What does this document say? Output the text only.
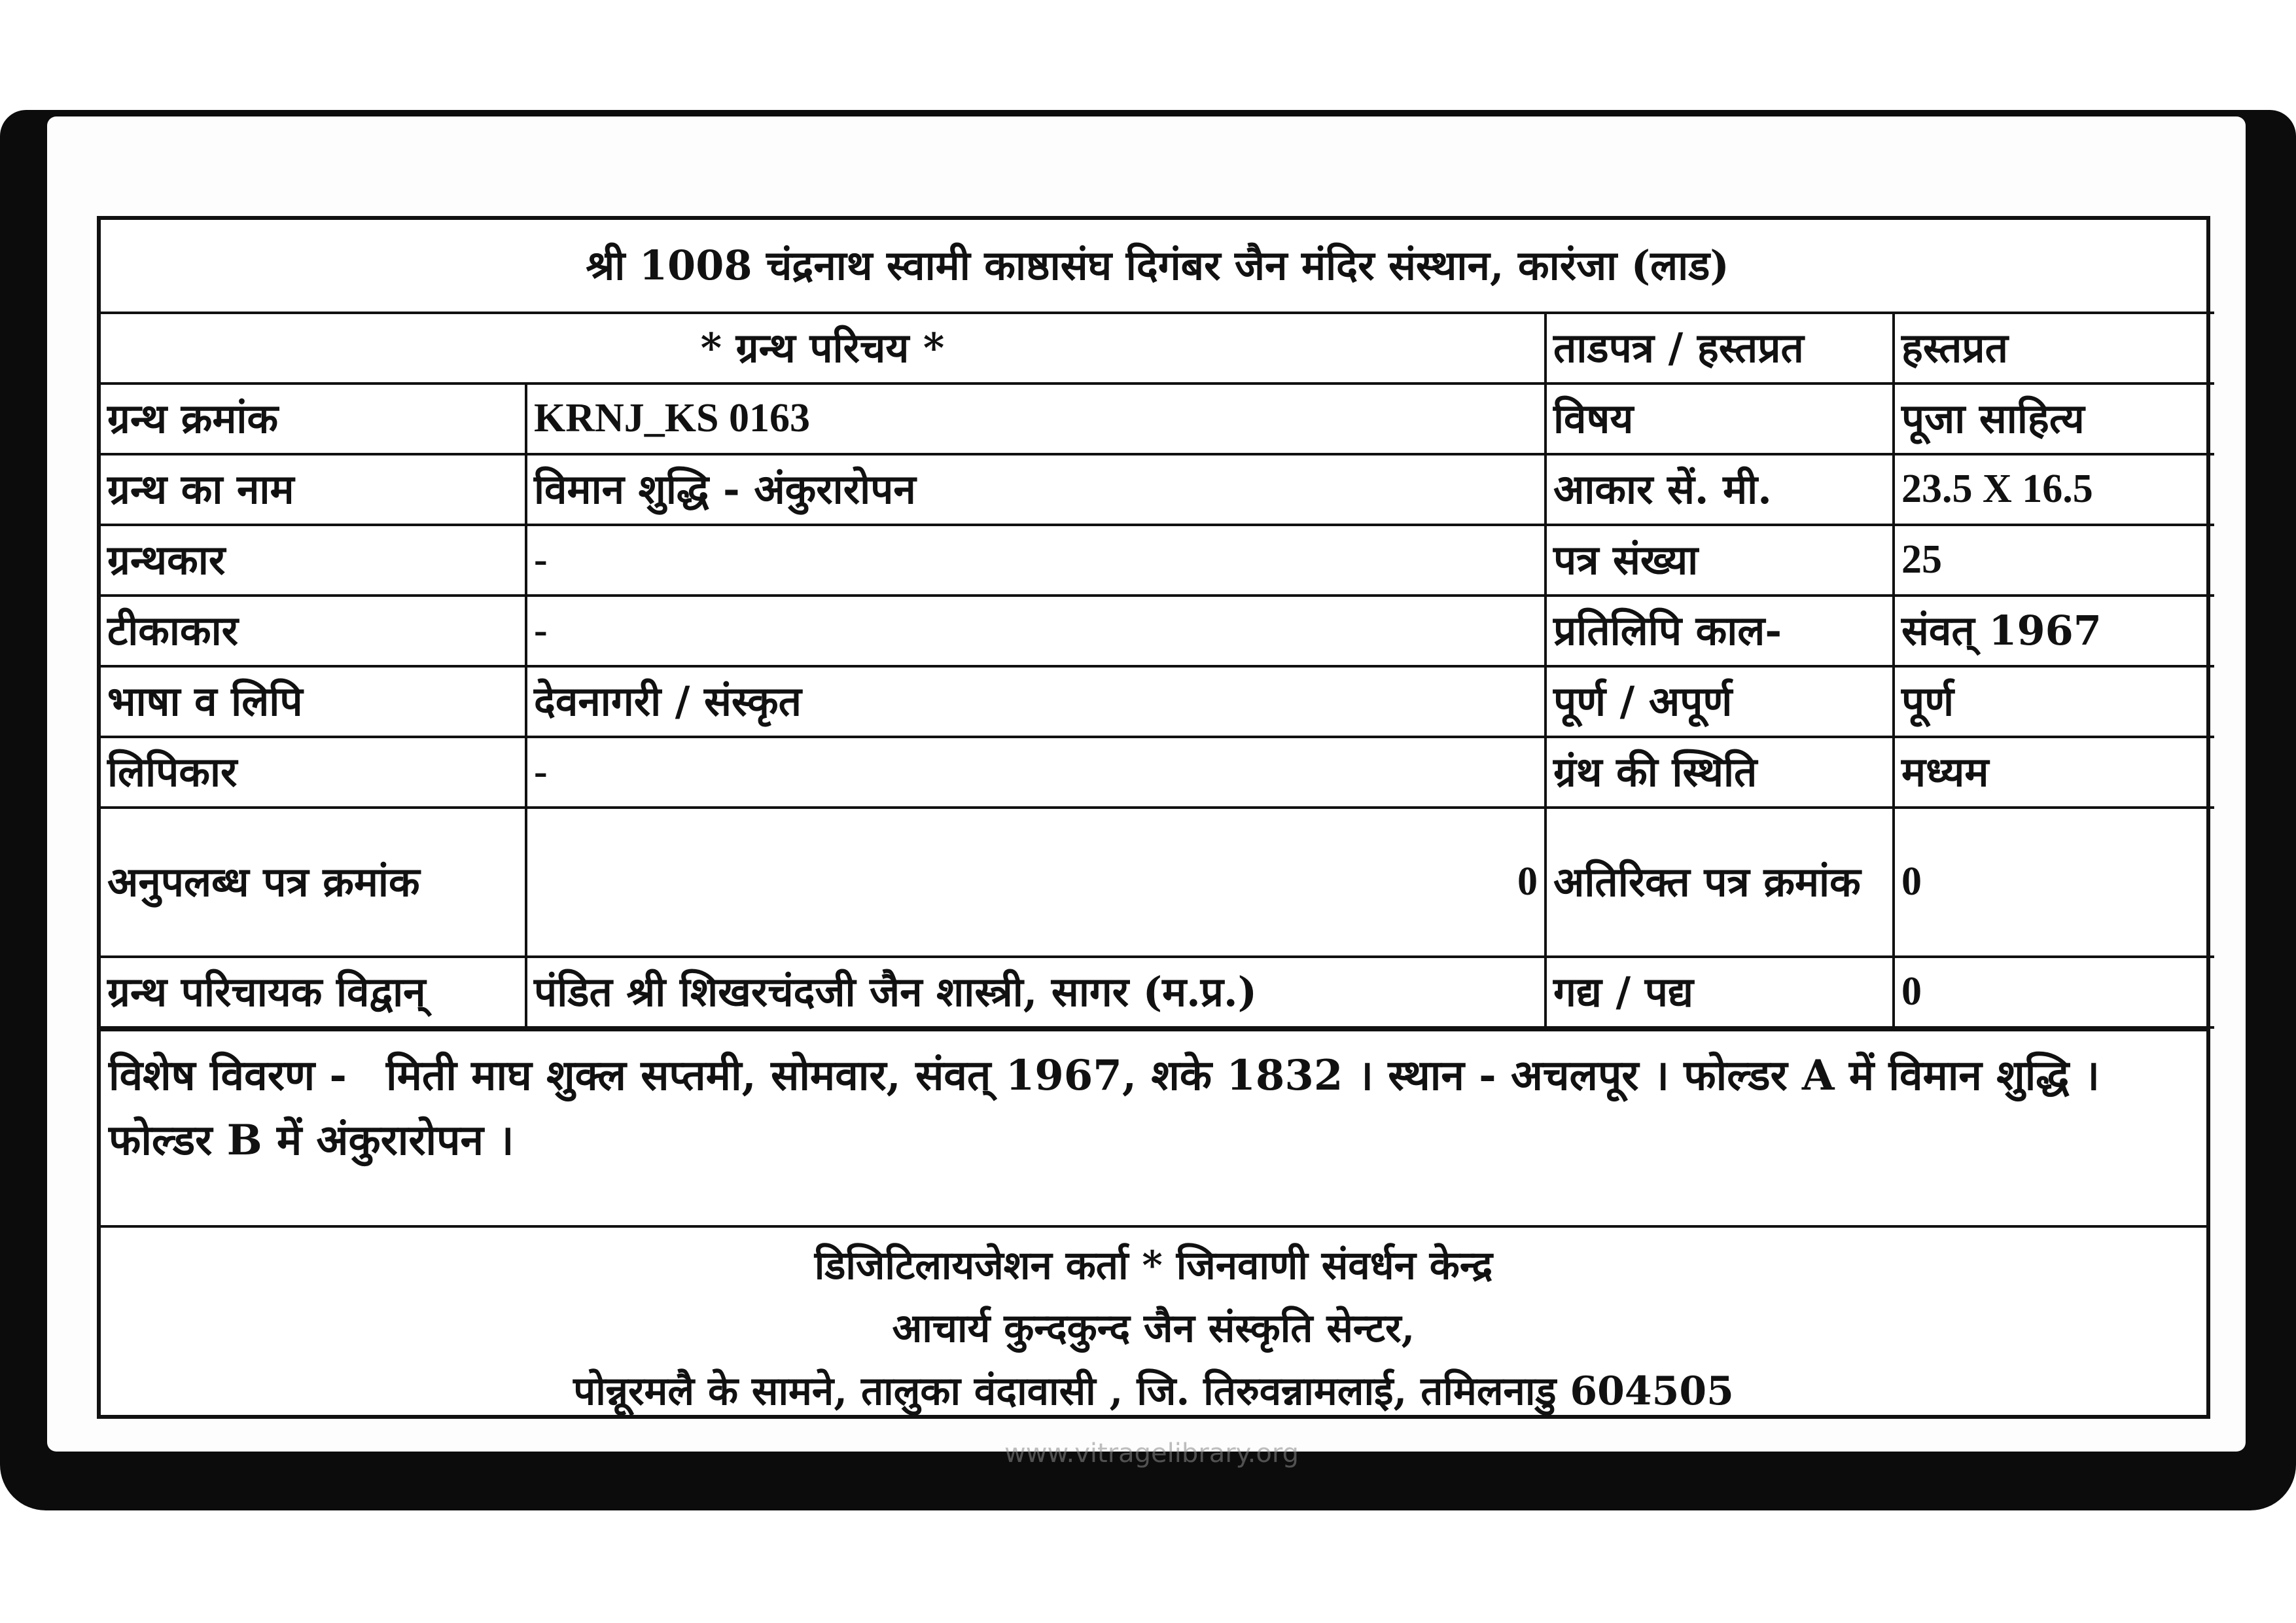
www.vitragelibrary.org
श्री 1008 चंद्रनाथ स्वामी काष्ठासंघ दिगंबर जैन मंदिर संस्थान, कारंजा (लाड)			
* ग्रन्थ परिचय *		ताडपत्र / हस्तप्रत	हस्तप्रत
ग्रन्थ क्रमांक	KRNJ_KS 0163	विषय	पूजा साहित्य
ग्रन्थ का नाम	विमान शुद्धि - अंकुरारोपन	आकार सें. मी.	23.5 X 16.5
ग्रन्थकार	-	पत्र संख्या	25
टीकाकार	-	प्रतिलिपि काल-	संवत् 1967
भाषा व लिपि	देवनागरी / संस्कृत	पूर्ण / अपूर्ण	पूर्ण
लिपिकार	-	ग्रंथ की स्थिति	मध्यम
अनुपलब्ध पत्र क्रमांक	0	अतिरिक्त पत्र क्रमांक	0
ग्रन्थ परिचायक विद्वान्	पंडित श्री शिखरचंदजी जैन शास्त्री, सागर (म.प्र.)	गद्य / पद्य	0
विशेष विवरण - मिती माघ शुक्ल सप्तमी, सोमवार, संवत् 1967, शके 1832 । स्थान - अचलपूर । फोल्डर A में विमान शुद्धि । फोल्डर B में अंकुरारोपन ।
डिजिटिलायजेशन कर्ता * जिनवाणी संवर्धन केन्द्र
आचार्य कुन्दकुन्द जैन संस्कृति सेन्टर,
पोन्नूरमलै के सामने, तालुका वंदावासी , जि. तिरुवन्नामलाई, तमिलनाडु 604505
